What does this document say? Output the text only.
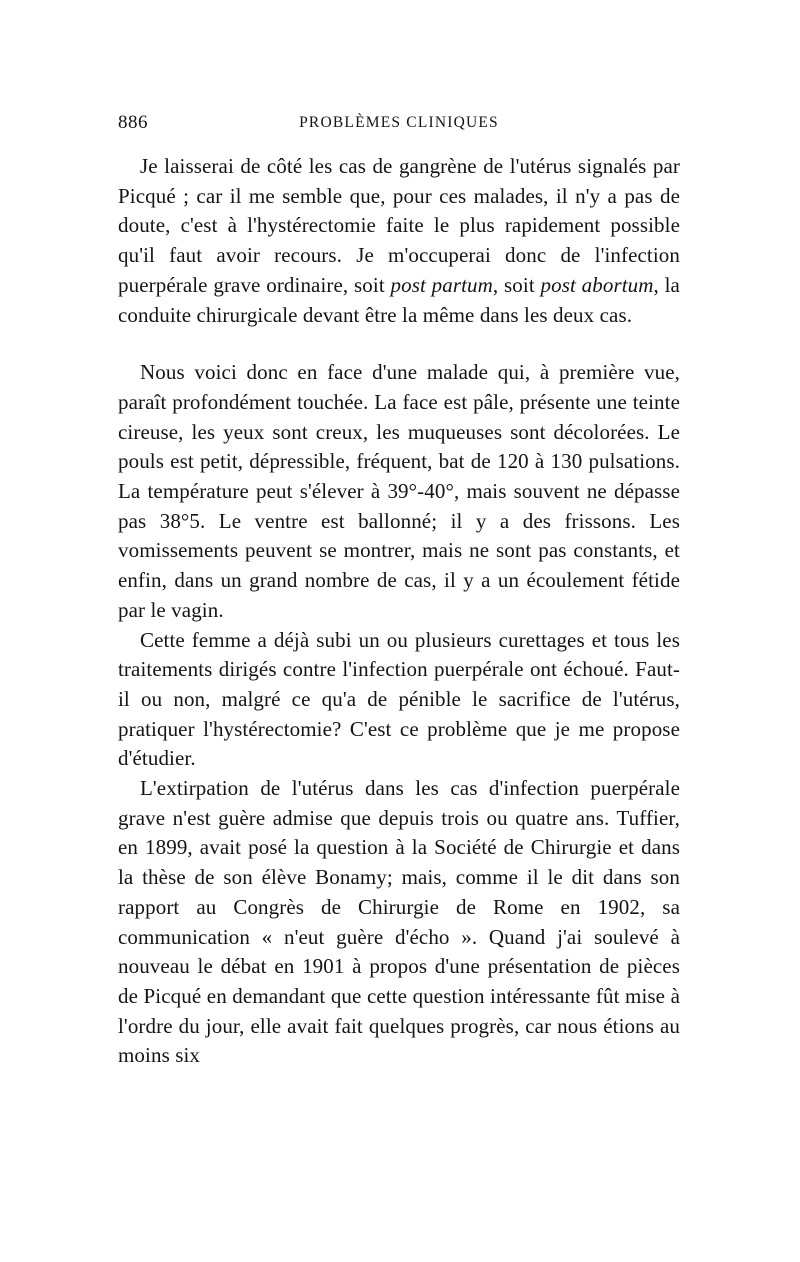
886	PROBLÈMES CLINIQUES

Je laisserai de côté les cas de gangrène de l'utérus signalés par Picqué ; car il me semble que, pour ces malades, il n'y a pas de doute, c'est à l'hystérectomie faite le plus rapidement possible qu'il faut avoir recours. Je m'occuperai donc de l'infection puerpérale grave ordinaire, soit post partum, soit post abortum, la conduite chirurgicale devant être la même dans les deux cas.

Nous voici donc en face d'une malade qui, à première vue, paraît profondément touchée. La face est pâle, présente une teinte cireuse, les yeux sont creux, les muqueuses sont décolorées. Le pouls est petit, dépressible, fréquent, bat de 120 à 130 pulsations. La température peut s'élever à 39°-40°, mais souvent ne dépasse pas 38°5. Le ventre est ballonné; il y a des frissons. Les vomissements peuvent se montrer, mais ne sont pas constants, et enfin, dans un grand nombre de cas, il y a un écoulement fétide par le vagin.

Cette femme a déjà subi un ou plusieurs curettages et tous les traitements dirigés contre l'infection puerpérale ont échoué. Faut-il ou non, malgré ce qu'a de pénible le sacrifice de l'utérus, pratiquer l'hystérectomie? C'est ce problème que je me propose d'étudier.

L'extirpation de l'utérus dans les cas d'infection puerpérale grave n'est guère admise que depuis trois ou quatre ans. Tuffier, en 1899, avait posé la question à la Société de Chirurgie et dans la thèse de son élève Bonamy; mais, comme il le dit dans son rapport au Congrès de Chirurgie de Rome en 1902, sa communication « n'eut guère d'écho ». Quand j'ai soulevé à nouveau le débat en 1901 à propos d'une présentation de pièces de Picqué en demandant que cette question intéressante fût mise à l'ordre du jour, elle avait fait quelques progrès, car nous étions au moins six
